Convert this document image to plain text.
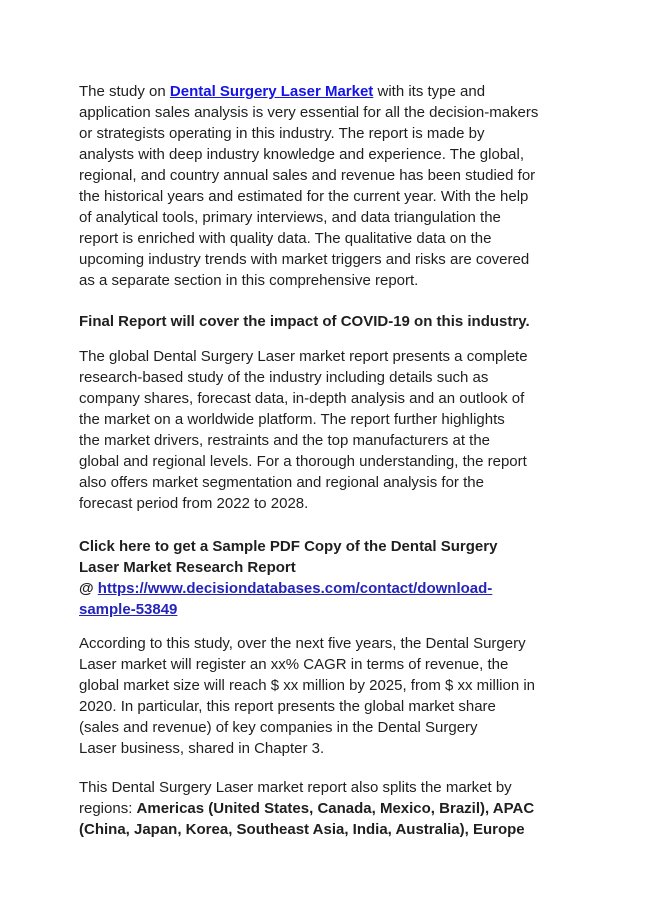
The study on Dental Surgery Laser Market with its type and
application sales analysis is very essential for all the decision-makers
or strategists operating in this industry. The report is made by
analysts with deep industry knowledge and experience. The global,
regional, and country annual sales and revenue has been studied for
the historical years and estimated for the current year. With the help
of analytical tools, primary interviews, and data triangulation the
report is enriched with quality data. The qualitative data on the
upcoming industry trends with market triggers and risks are covered
as a separate section in this comprehensive report.

Final Report will cover the impact of COVID-19 on this industry.

The global Dental Surgery Laser market report presents a complete
research-based study of the industry including details such as
company shares, forecast data, in-depth analysis and an outlook of
the market on a worldwide platform. The report further highlights
the market drivers, restraints and the top manufacturers at the
global and regional levels. For a thorough understanding, the report
also offers market segmentation and regional analysis for the
forecast period from 2022 to 2028.

Click here to get a Sample PDF Copy of the Dental Surgery
Laser Market Research Report
@ https://www.decisiondatabases.com/contact/download-
sample-53849

According to this study, over the next five years, the Dental Surgery
Laser market will register an xx% CAGR in terms of revenue, the
global market size will reach $ xx million by 2025, from $ xx million in
2020. In particular, this report presents the global market share
(sales and revenue) of key companies in the Dental Surgery
Laser business, shared in Chapter 3.

This Dental Surgery Laser market report also splits the market by
regions: Americas (United States, Canada, Mexico, Brazil), APAC
(China, Japan, Korea, Southeast Asia, India, Australia), Europe
